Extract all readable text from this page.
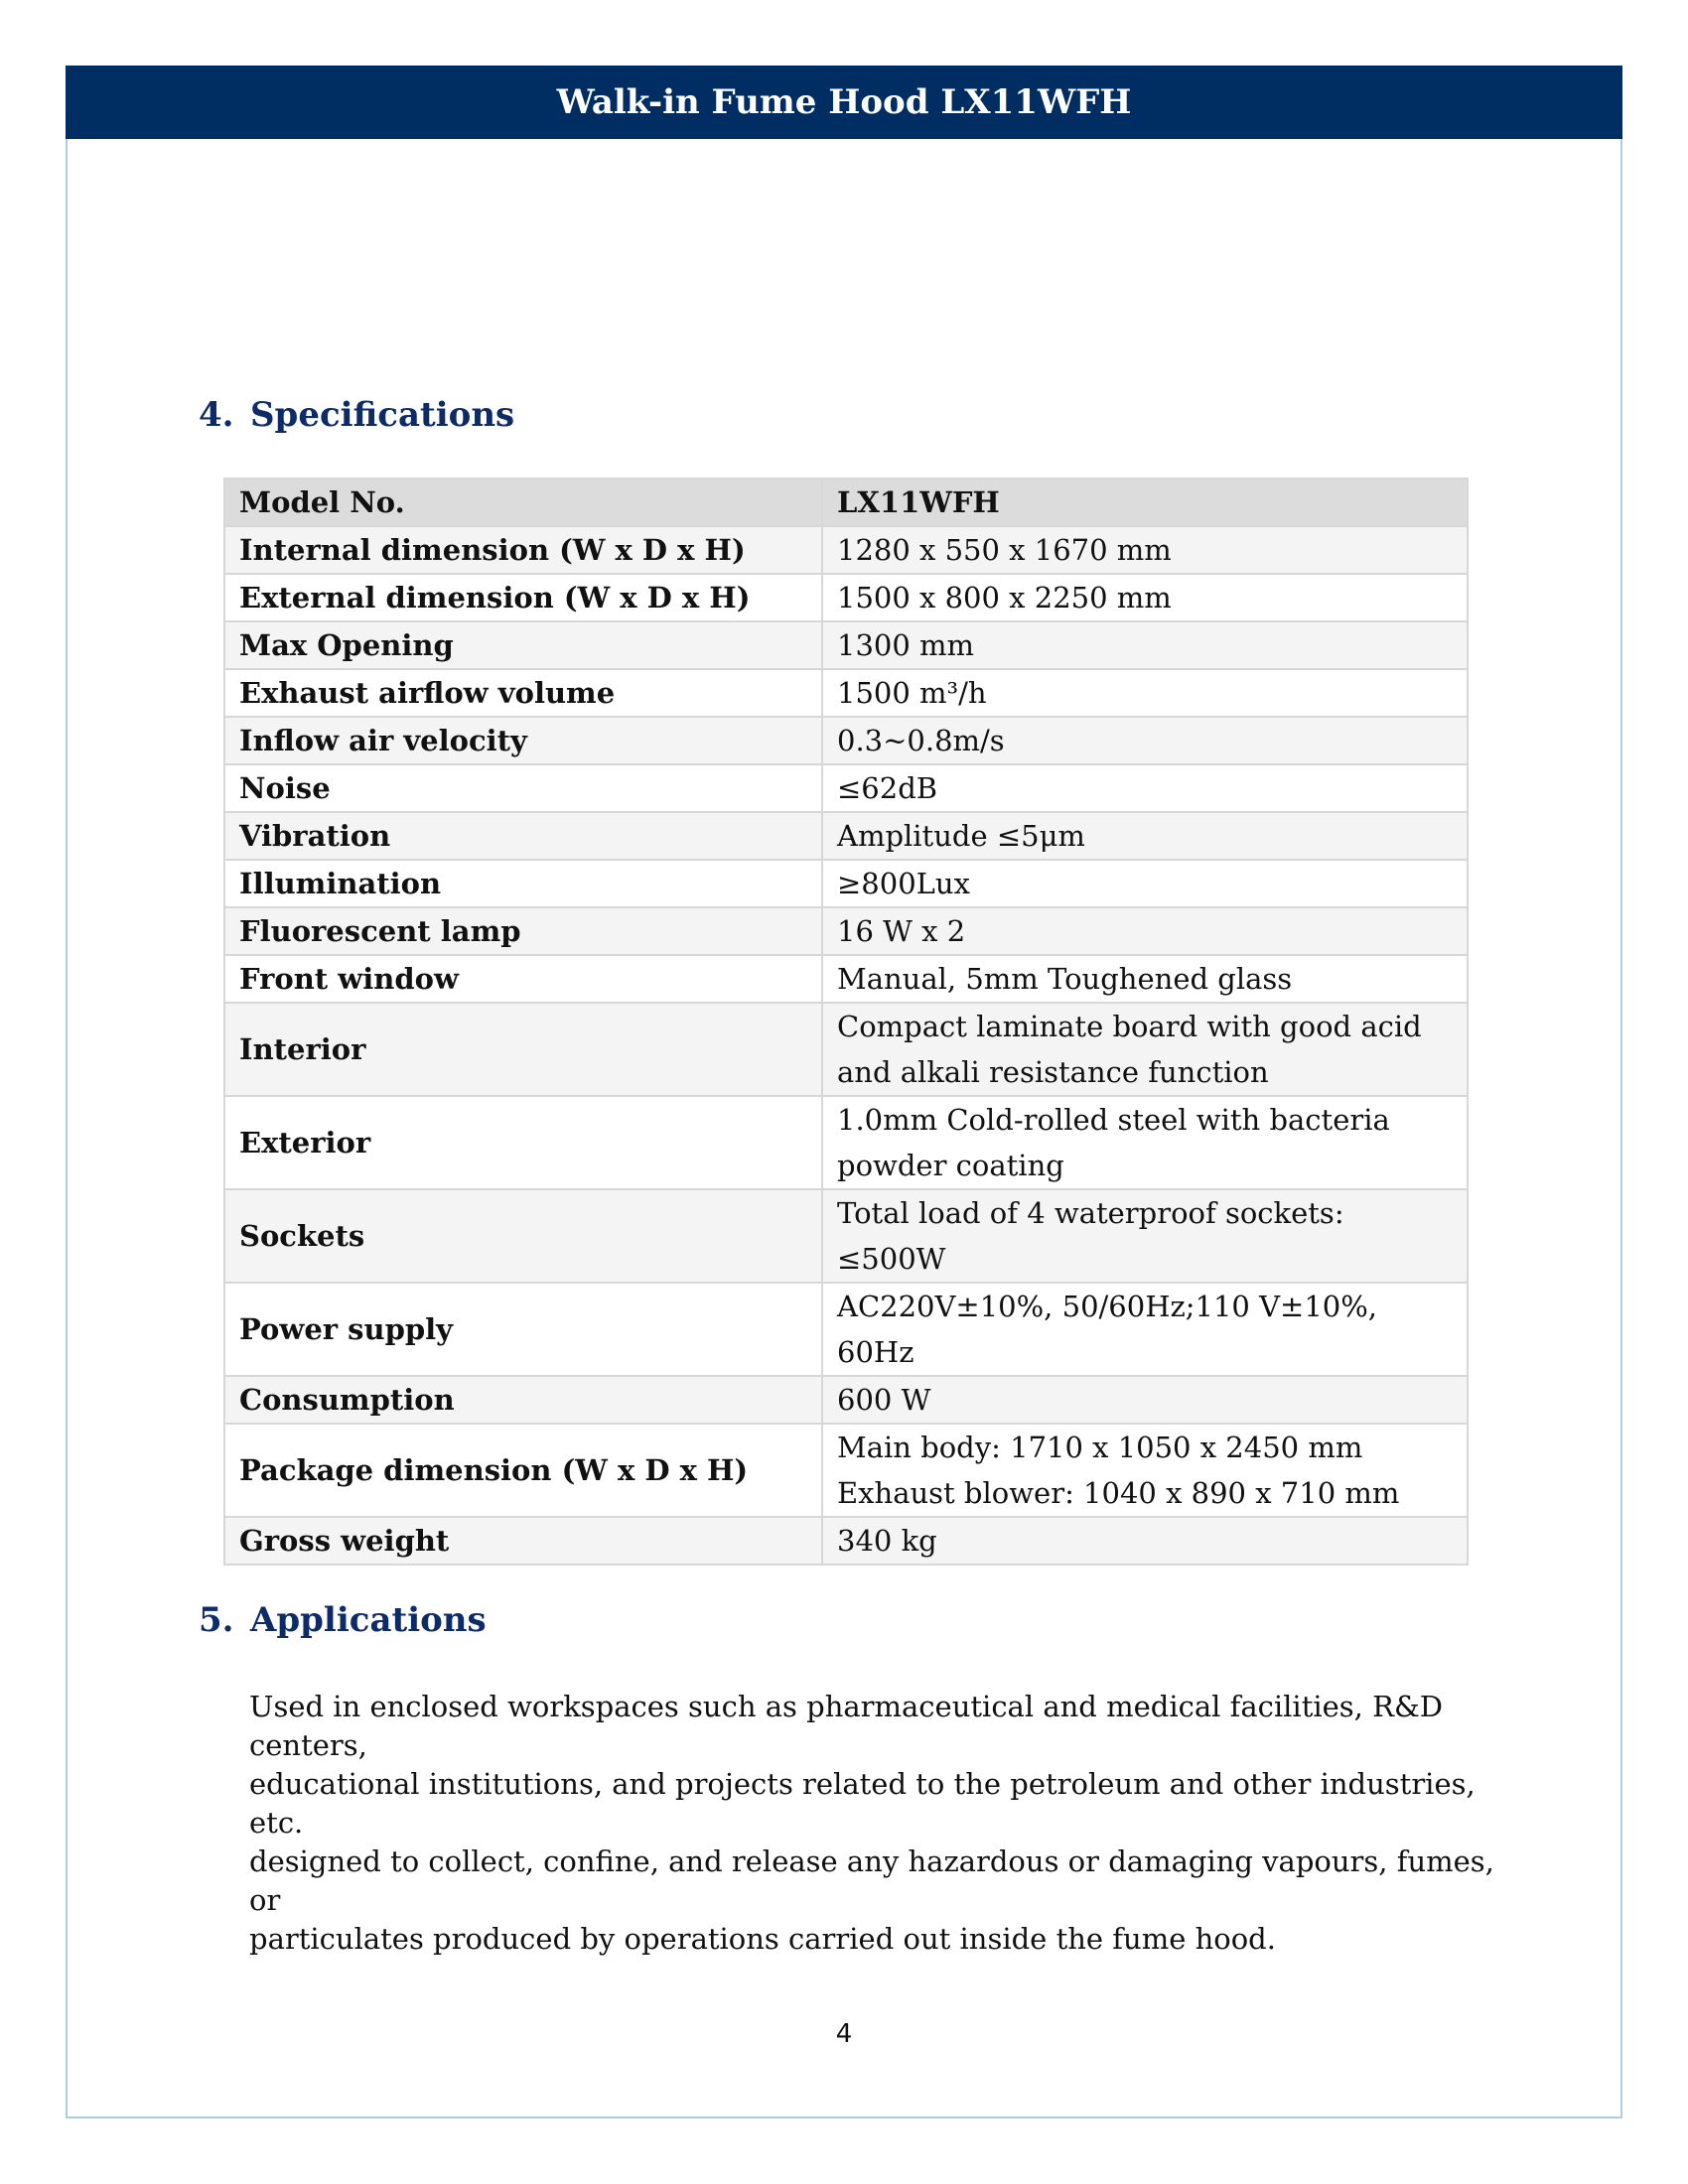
Walk-in Fume Hood LX11WFH
4. Specifications
Model No.	LX11WFH
Internal dimension (W x D x H)	1280 x 550 x 1670 mm

External dimension (W x D x H)	1500 x 800 x 2250 mm

Max Opening	1300 mm

Exhaust airflow volume	1500 m³/h

Inflow air velocity	0.3~0.8m/s

Noise	≤62dB

Vibration	Amplitude ≤5μm

Illumination	≥800Lux

Fluorescent lamp	16 W x 2

Front window	Manual, 5mm Toughened glass

Interior	Compact laminate board with good acid
and alkali resistance function

Exterior	1.0mm Cold-rolled steel with bacteria
powder coating

Sockets	Total load of 4 waterproof sockets: ≤500W

Power supply	AC220V±10%, 50/60Hz;110 V±10%, 60Hz

Consumption	600 W

Package dimension (W x D x H)	Main body: 1710 x 1050 x 2450 mm
Exhaust blower: 1040 x 890 x 710 mm

Gross weight	340 kg
5. Applications

Used in enclosed workspaces such as pharmaceutical and medical facilities, R&D centers,
educational institutions, and projects related to the petroleum and other industries, etc.
designed to collect, confine, and release any hazardous or damaging vapours, fumes, or
particulates produced by operations carried out inside the fume hood.

4
